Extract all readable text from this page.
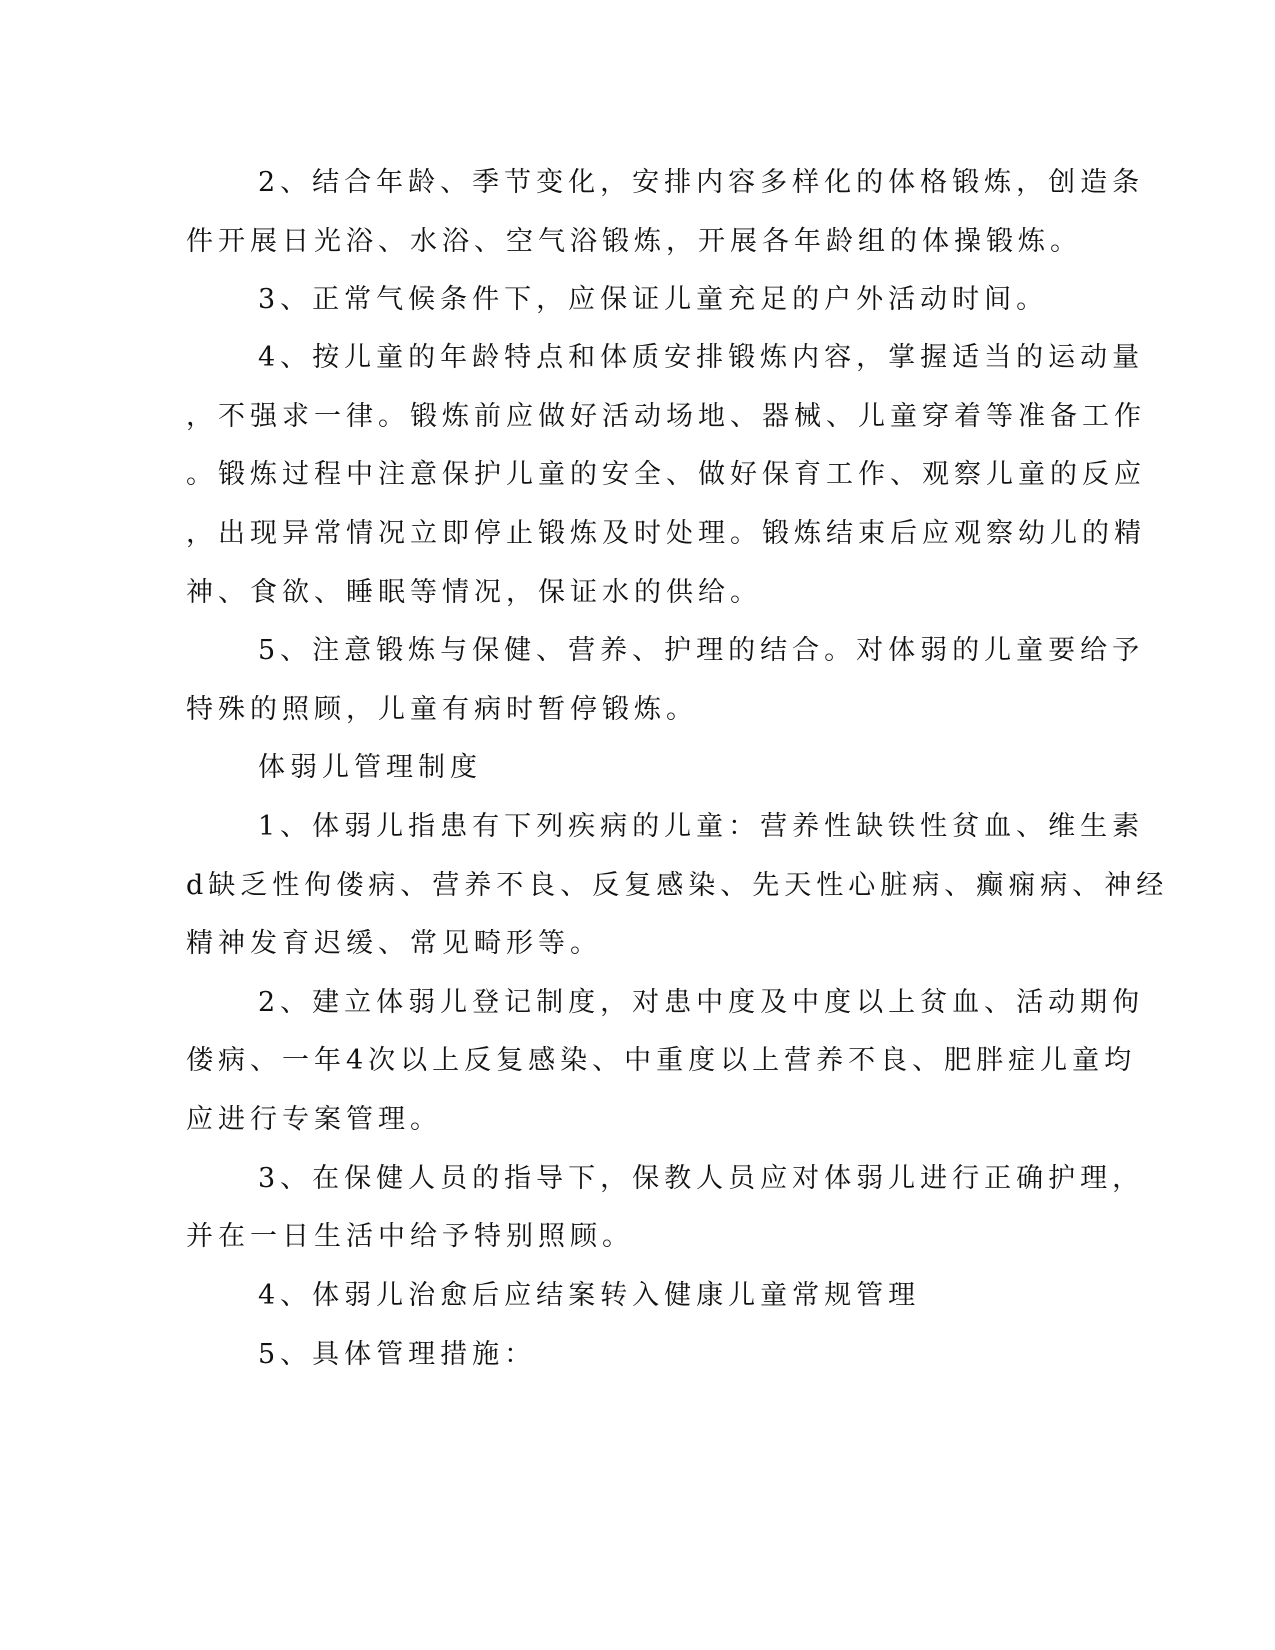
2、结合年龄、季节变化，安排内容多样化的体格锻炼，创造条
件开展日光浴、水浴、空气浴锻炼，开展各年龄组的体操锻炼。
3、正常气候条件下，应保证儿童充足的户外活动时间。
4、按儿童的年龄特点和体质安排锻炼内容，掌握适当的运动量
，不强求一律。锻炼前应做好活动场地、器械、儿童穿着等准备工作
。锻炼过程中注意保护儿童的安全、做好保育工作、观察儿童的反应
，出现异常情况立即停止锻炼及时处理。锻炼结束后应观察幼儿的精
神、食欲、睡眠等情况，保证水的供给。
5、注意锻炼与保健、营养、护理的结合。对体弱的儿童要给予
特殊的照顾，儿童有病时暂停锻炼。
体弱儿管理制度
1、体弱儿指患有下列疾病的儿童：营养性缺铁性贫血、维生素
d缺乏性佝偻病、营养不良、反复感染、先天性心脏病、癫痫病、神经
精神发育迟缓、常见畸形等。
2、建立体弱儿登记制度，对患中度及中度以上贫血、活动期佝
偻病、一年4次以上反复感染、中重度以上营养不良、肥胖症儿童均
应进行专案管理。
3、在保健人员的指导下，保教人员应对体弱儿进行正确护理，
并在一日生活中给予特别照顾。
4、体弱儿治愈后应结案转入健康儿童常规管理
5、具体管理措施：
